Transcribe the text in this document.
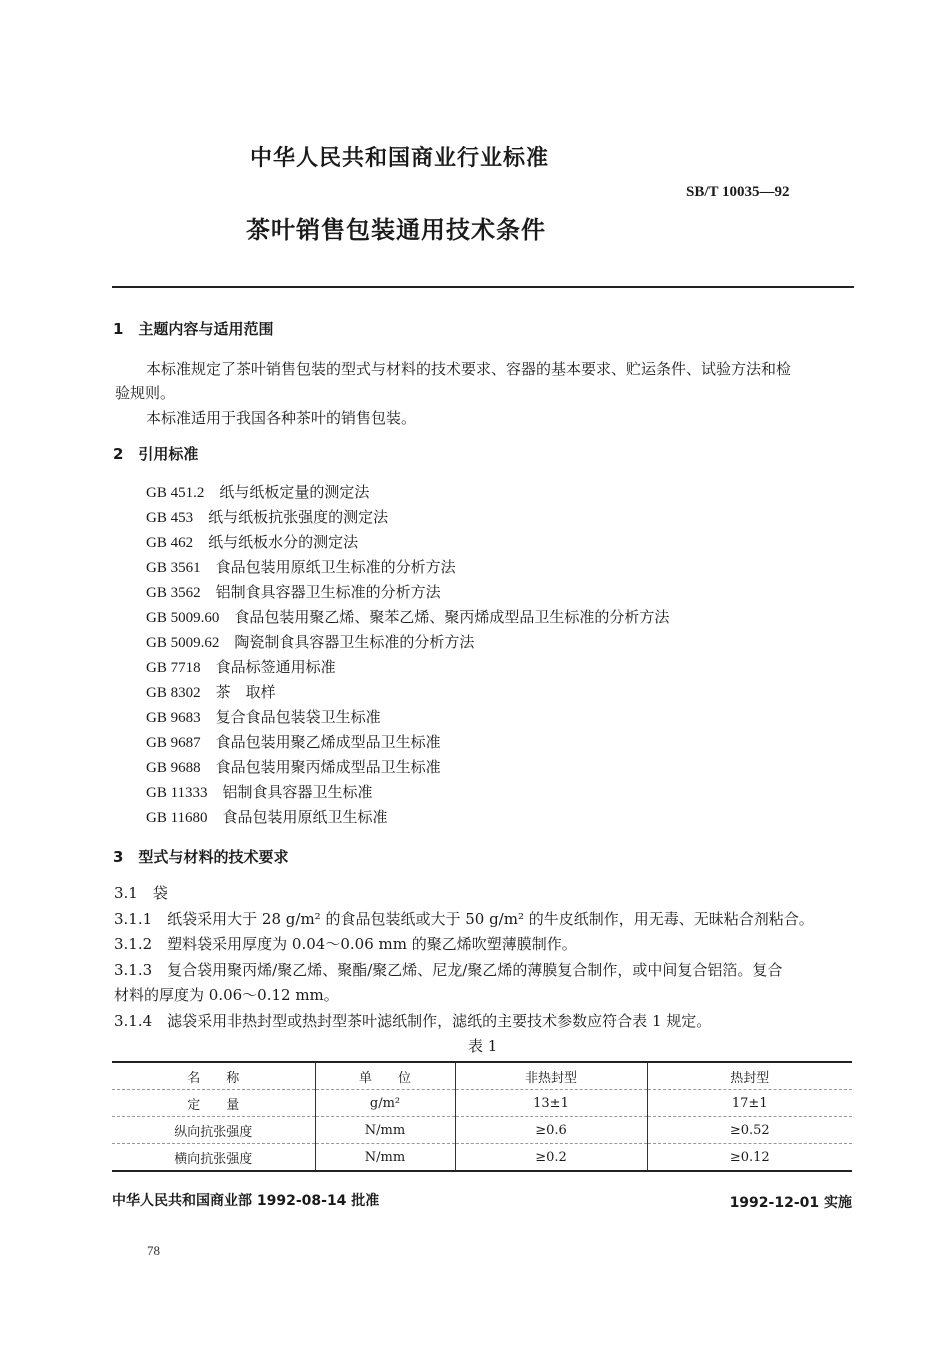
中华人民共和国商业行业标准
SB/T 10035—92
茶叶销售包装通用技术条件
1　主题内容与适用范围
本标准规定了茶叶销售包装的型式与材料的技术要求、容器的基本要求、贮运条件、试验方法和检
验规则。
本标准适用于我国各种茶叶的销售包装。
2　引用标准
GB 451.2　 纸与纸板定量的测定法
GB 453　 纸与纸板抗张强度的测定法
GB 462　 纸与纸板水分的测定法
GB 3561　 食品包装用原纸卫生标准的分析方法
GB 3562　 铝制食具容器卫生标准的分析方法
GB 5009.60　 食品包装用聚乙烯、聚苯乙烯、聚丙烯成型品卫生标准的分析方法
GB 5009.62　 陶瓷制食具容器卫生标准的分析方法
GB 7718　 食品标签通用标准
GB 8302　 茶　取样
GB 9683　 复合食品包装袋卫生标准
GB 9687　 食品包装用聚乙烯成型品卫生标准
GB 9688　 食品包装用聚丙烯成型品卫生标准
GB 11333　 铝制食具容器卫生标准
GB 11680　 食品包装用原纸卫生标准
3　型式与材料的技术要求
3.1　袋
3.1.1　纸袋采用大于 28 g/m² 的食品包装纸或大于 50 g/m² 的牛皮纸制作，用无毒、无昧粘合剂粘合。
3.1.2　塑料袋采用厚度为 0.04～0.06 mm 的聚乙烯吹塑薄膜制作。
3.1.3　复合袋用聚丙烯/聚乙烯、聚酯/聚乙烯、尼龙/聚乙烯的薄膜复合制作，或中间复合铝箔。复合
材料的厚度为 0.06～0.12 mm。
3.1.4　滤袋采用非热封型或热封型茶叶滤纸制作，滤纸的主要技术参数应符合表 1 规定。
表 1
名　　称	单　　位	非热封型	热封型
定　　量	g/m²	13±1	17±1
纵向抗张强度	N/mm	≥0.6	≥0.52
横向抗张强度	N/mm	≥0.2	≥0.12
中华人民共和国商业部 1992-08-14 批准	1992-12-01 实施
78
